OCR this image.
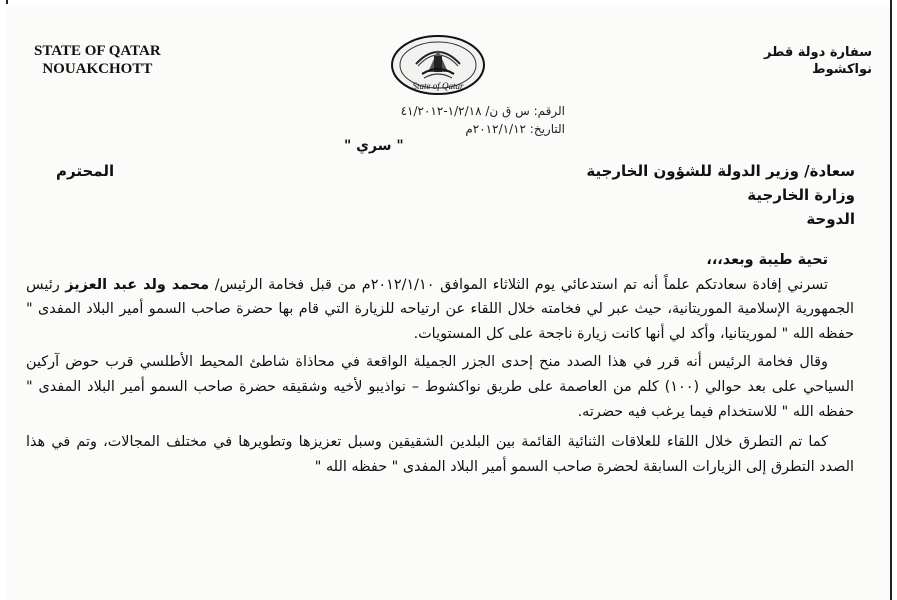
STATE OF QATAR
NOUAKCHOTT
State of Qatar
سفارة دولة قطر
نواكشوط
الرقم: س ق ن/ ١/٢/١٨-٤١/٢٠١٢
التاريخ: ٢٠١٢/١/١٢م
" سري "
سعادة/ وزير الدولة للشؤون الخارجية
المحترم
وزارة الخارجية
الدوحة
تحية طيبة وبعد،،،

تسرني إفادة سعادتكم علماً أنه تم استدعائي يوم الثلاثاء الموافق ٢٠١٢/١/١٠م من قبل فخامة الرئيس/ محمد ولد عبد العزيز رئيس الجمهورية الإسلامية الموريتانية، حيث عبر لي فخامته خلال اللقاء عن ارتياحه للزيارة التي قام بها حضرة صاحب السمو أمير البلاد المفدى " حفظه الله " لموريتانيا، وأكد لي أنها كانت زيارة ناجحة على كل المستويات.

وقال فخامة الرئيس أنه قرر في هذا الصدد منح إحدى الجزر الجميلة الواقعة في محاذاة شاطئ المحيط الأطلسي قرب حوض آركين السياحي على بعد حوالي (١٠٠) كلم من العاصمة على طريق نواكشوط – نواذيبو لأخيه وشقيقه حضرة صاحب السمو أمير البلاد المفدى " حفظه الله " للاستخدام فيما يرغب فيه حضرته.

كما تم التطرق خلال اللقاء للعلاقات الثنائية القائمة بين البلدين الشقيقين وسبل تعزيزها وتطويرها في مختلف المجالات، وتم في هذا الصدد التطرق إلى الزيارات السابقة لحضرة صاحب السمو أمير البلاد المفدى " حفظه الله "
